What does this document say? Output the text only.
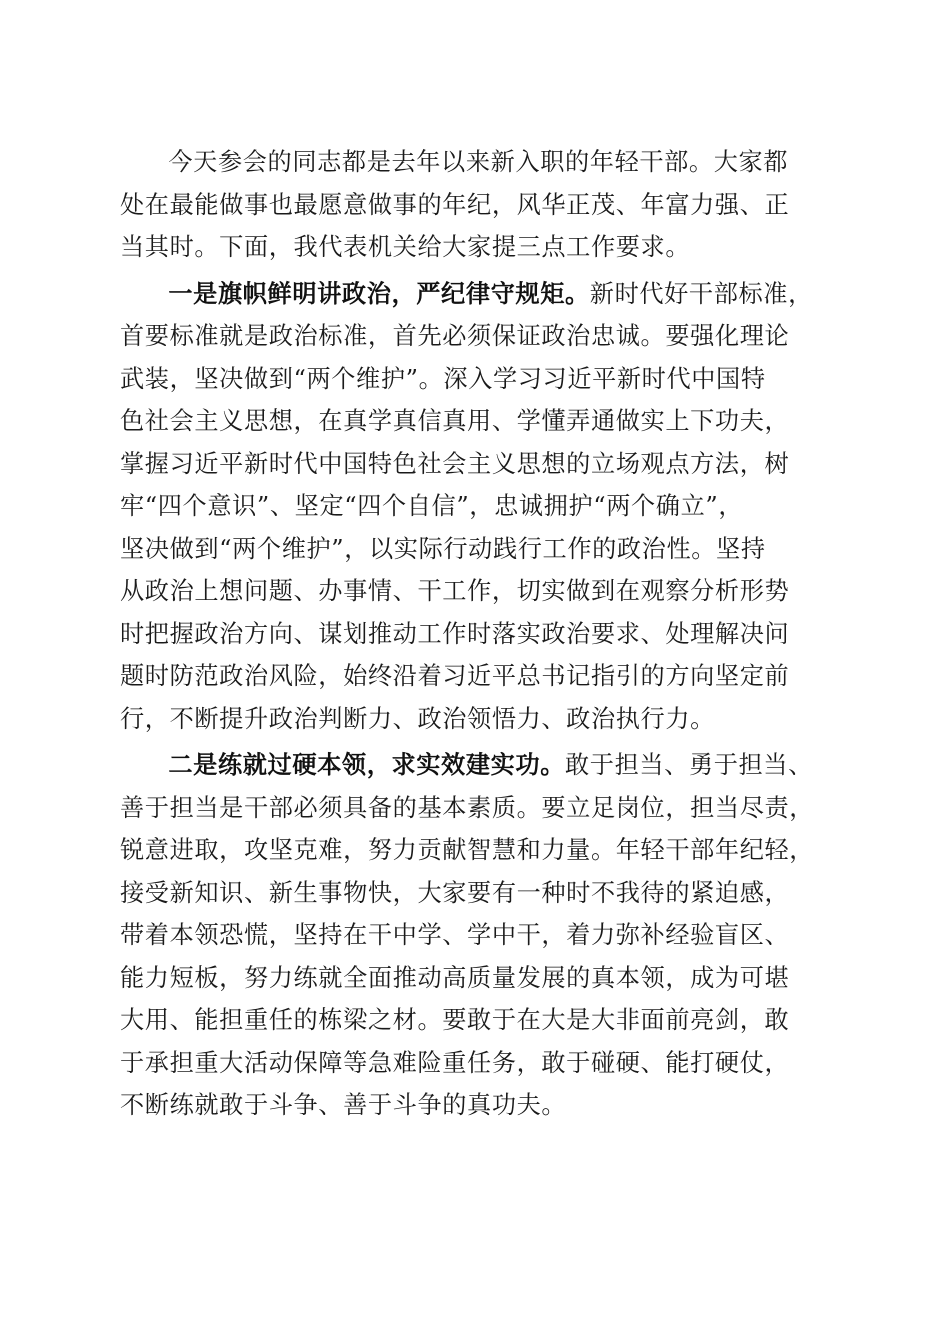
今天参会的同志都是去年以来新入职的年轻干部。大家都
处在最能做事也最愿意做事的年纪，风华正茂、年富力强、正
当其时。下面，我代表机关给大家提三点工作要求。

一是旗帜鲜明讲政治，严纪律守规矩。新时代好干部标准，
首要标准就是政治标准，首先必须保证政治忠诚。要强化理论
武装，坚决做到“两个维护”。深入学习习近平新时代中国特
色社会主义思想，在真学真信真用、学懂弄通做实上下功夫，
掌握习近平新时代中国特色社会主义思想的立场观点方法，树
牢“四个意识”、坚定“四个自信”，忠诚拥护“两个确立”，
坚决做到“两个维护”，以实际行动践行工作的政治性。坚持
从政治上想问题、办事情、干工作，切实做到在观察分析形势
时把握政治方向、谋划推动工作时落实政治要求、处理解决问
题时防范政治风险，始终沿着习近平总书记指引的方向坚定前
行，不断提升政治判断力、政治领悟力、政治执行力。

二是练就过硬本领，求实效建实功。敢于担当、勇于担当、
善于担当是干部必须具备的基本素质。要立足岗位，担当尽责，
锐意进取，攻坚克难，努力贡献智慧和力量。年轻干部年纪轻，
接受新知识、新生事物快，大家要有一种时不我待的紧迫感，
带着本领恐慌，坚持在干中学、学中干，着力弥补经验盲区、
能力短板，努力练就全面推动高质量发展的真本领，成为可堪
大用、能担重任的栋梁之材。要敢于在大是大非面前亮剑，敢
于承担重大活动保障等急难险重任务，敢于碰硬、能打硬仗，
不断练就敢于斗争、善于斗争的真功夫。
